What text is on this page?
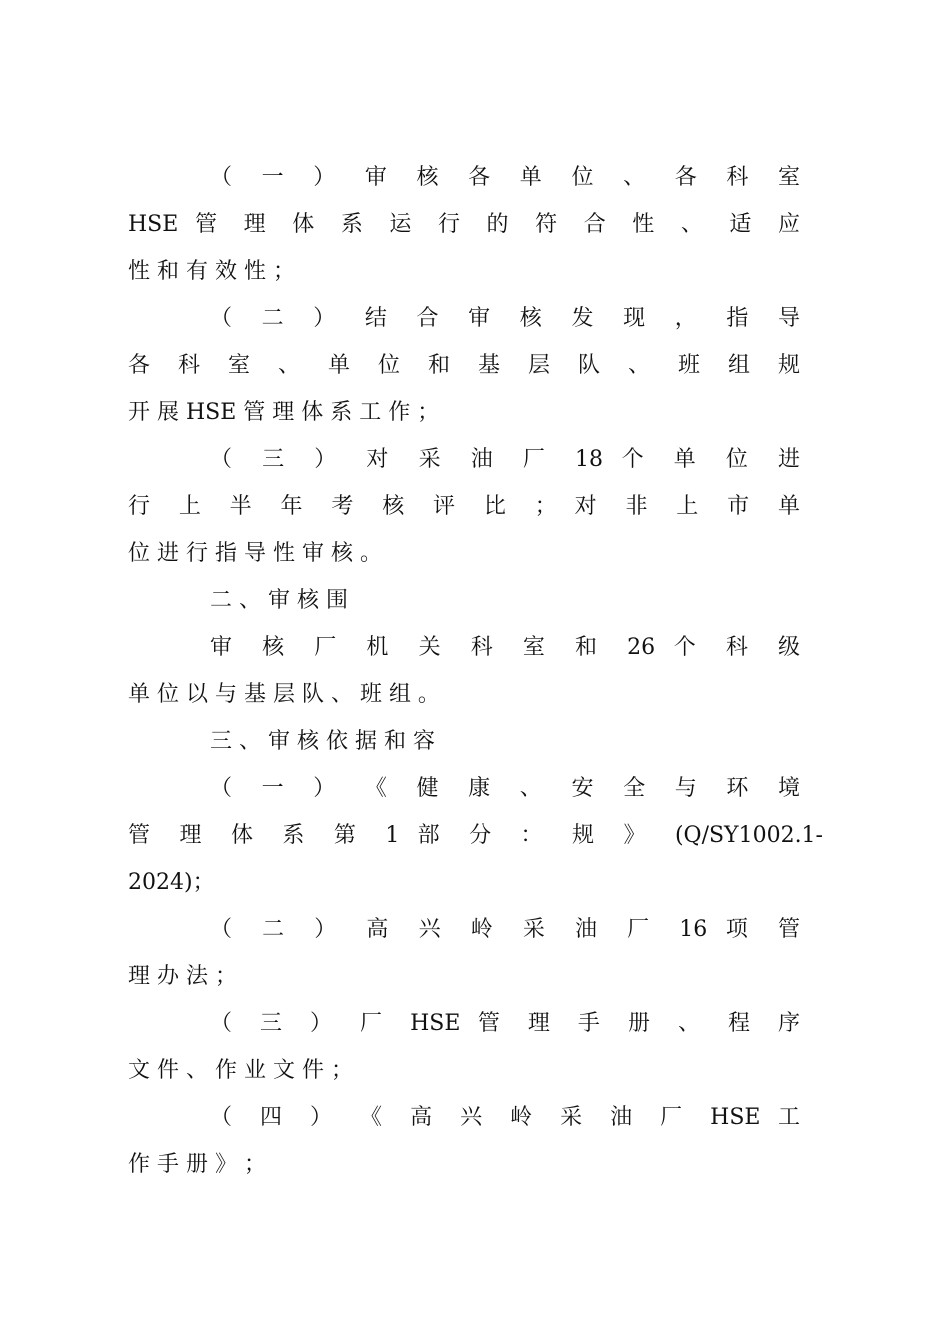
（ 一 ） 审 核 各 单 位 、 各 科 室
HSE 管 理 体 系 运 行 的 符 合 性 、 适 应
性 和 有 效 性 ；
（ 二 ） 结 合 审 核 发 现 ， 指 导
各 科 室 、 单 位 和 基 层 队 、 班 组 规
开 展 HSE 管 理 体 系 工 作 ；
（ 三 ） 对 采 油 厂 18 个 单 位 进
行 上 半 年 考 核 评 比 ； 对 非 上 市 单
位 进 行 指 导 性 审 核 。
二 、 审 核 围
审 核 厂 机 关 科 室 和 26 个 科 级
单 位 以 与 基 层 队 、 班 组 。
三 、 审 核 依 据 和 容
（ 一 ） 《 健 康 、 安 全 与 环 境
管 理 体 系 第 1 部 分 ： 规 》 (Q/SY1002.1-
2024)；
（ 二 ） 高 兴 岭 采 油 厂 16 项 管
理 办 法 ；
（ 三 ） 厂 HSE 管 理 手 册 、 程 序
文 件 、 作 业 文 件 ；
（ 四 ） 《 高 兴 岭 采 油 厂 HSE 工
作 手 册 》 ；
